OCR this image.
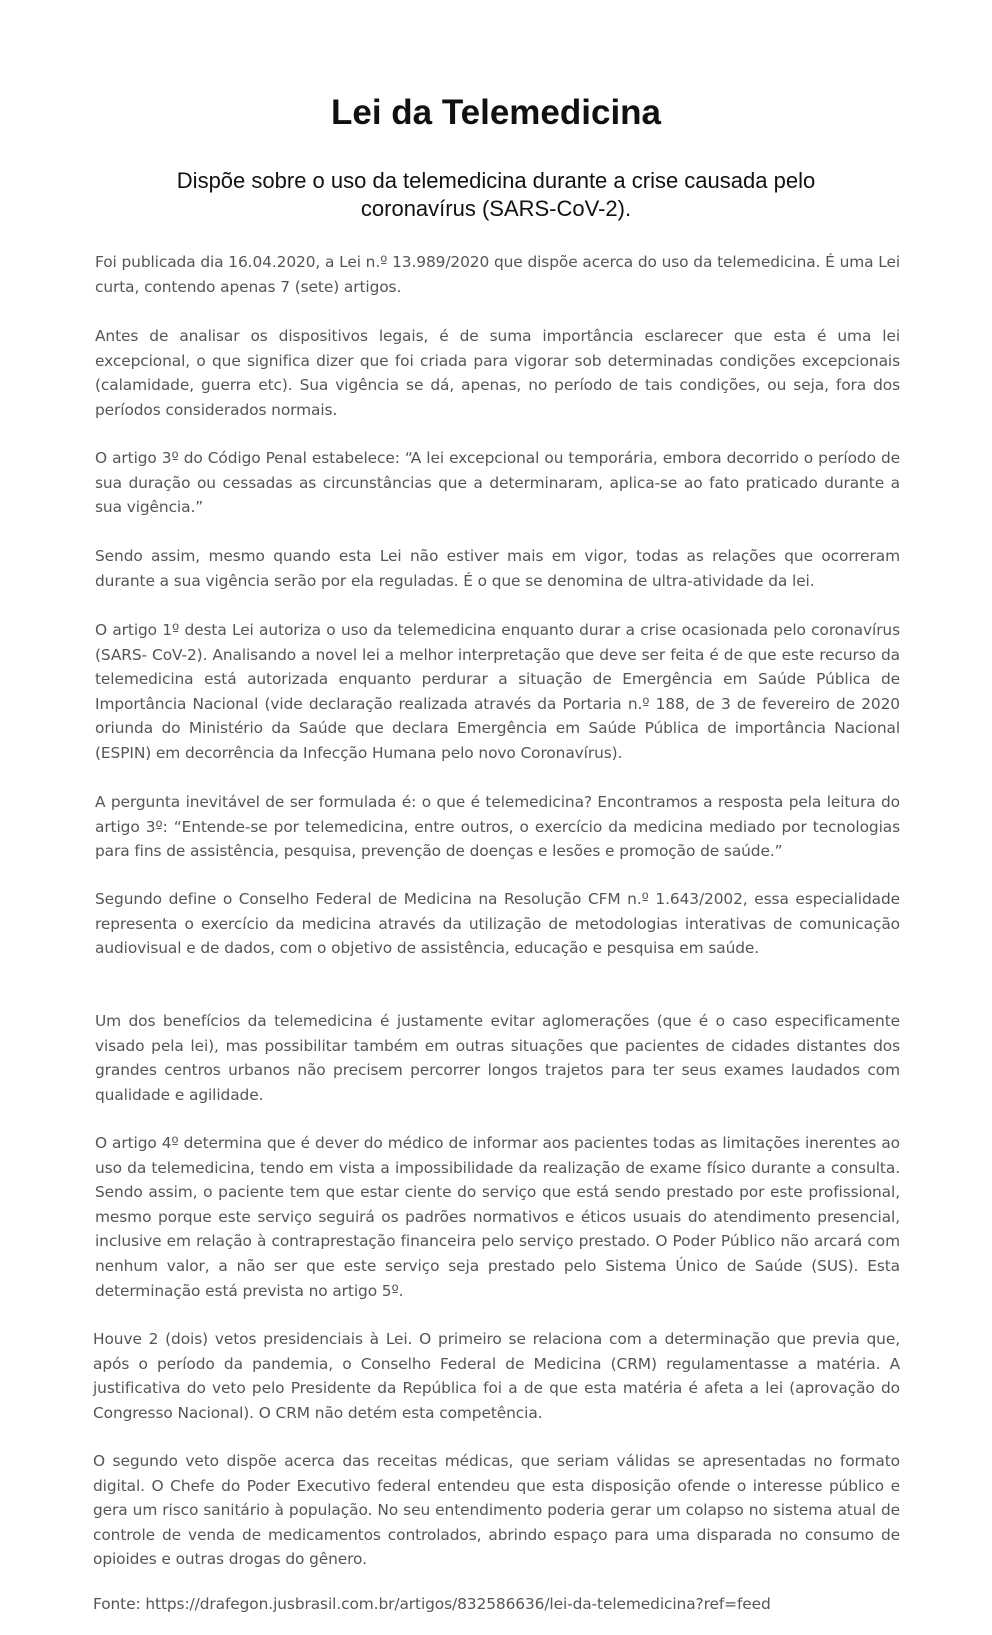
Lei da Telemedicina

Dispõe sobre o uso da telemedicina durante a crise causada pelo coronavírus (SARS-CoV-2).

Foi publicada dia 16.04.2020, a Lei n.º 13.989/2020 que dispõe acerca do uso da telemedicina. É uma Lei curta, contendo apenas 7 (sete) artigos.

Antes de analisar os dispositivos legais, é de suma importância esclarecer que esta é uma lei excepcional, o que significa dizer que foi criada para vigorar sob determinadas condições excepcionais (calamidade, guerra etc). Sua vigência se dá, apenas, no período de tais condições, ou seja, fora dos períodos considerados normais.

O artigo 3º do Código Penal estabelece: “A lei excepcional ou temporária, embora decorrido o período de sua duração ou cessadas as circunstâncias que a determinaram, aplica-se ao fato praticado durante a sua vigência.”

Sendo assim, mesmo quando esta Lei não estiver mais em vigor, todas as relações que ocorreram durante a sua vigência serão por ela reguladas. É o que se denomina de ultra-atividade da lei.

O artigo 1º desta Lei autoriza o uso da telemedicina enquanto durar a crise ocasionada pelo coronavírus (SARS- CoV-2). Analisando a novel lei a melhor interpretação que deve ser feita é de que este recurso da telemedicina está autorizada enquanto perdurar a situação de Emergência em Saúde Pública de Importância Nacional (vide declaração realizada através da Portaria n.º 188, de 3 de fevereiro de 2020 oriunda do Ministério da Saúde que declara Emergência em Saúde Pública de importância Nacional (ESPIN) em decorrência da Infecção Humana pelo novo Coronavírus).

A pergunta inevitável de ser formulada é: o que é telemedicina? Encontramos a resposta pela leitura do artigo 3º: “Entende-se por telemedicina, entre outros, o exercício da medicina mediado por tecnologias para fins de assistência, pesquisa, prevenção de doenças e lesões e promoção de saúde.”

Segundo define o Conselho Federal de Medicina na Resolução CFM n.º 1.643/2002, essa especialidade representa o exercício da medicina através da utilização de metodologias interativas de comunicação audiovisual e de dados, com o objetivo de assistência, educação e pesquisa em saúde.

Um dos benefícios da telemedicina é justamente evitar aglomerações (que é o caso especificamente visado pela lei), mas possibilitar também em outras situações que pacientes de cidades distantes dos grandes centros urbanos não precisem percorrer longos trajetos para ter seus exames laudados com qualidade e agilidade.

O artigo 4º determina que é dever do médico de informar aos pacientes todas as limitações inerentes ao uso da telemedicina, tendo em vista a impossibilidade da realização de exame físico durante a consulta. Sendo assim, o paciente tem que estar ciente do serviço que está sendo prestado por este profissional, mesmo porque este serviço seguirá os padrões normativos e éticos usuais do atendimento presencial, inclusive em relação à contraprestação financeira pelo serviço prestado. O Poder Público não arcará com nenhum valor, a não ser que este serviço seja prestado pelo Sistema Único de Saúde (SUS). Esta determinação está prevista no artigo 5º.

Houve 2 (dois) vetos presidenciais à Lei. O primeiro se relaciona com a determinação que previa que, após o período da pandemia, o Conselho Federal de Medicina (CRM) regulamentasse a matéria. A justificativa do veto pelo Presidente da República foi a de que esta matéria é afeta a lei (aprovação do Congresso Nacional). O CRM não detém esta competência.

O segundo veto dispõe acerca das receitas médicas, que seriam válidas se apresentadas no formato digital. O Chefe do Poder Executivo federal entendeu que esta disposição ofende o interesse público e gera um risco sanitário à população. No seu entendimento poderia gerar um colapso no sistema atual de controle de venda de medicamentos controlados, abrindo espaço para uma disparada no consumo de opioides e outras drogas do gênero.

Fonte: https://drafegon.jusbrasil.com.br/artigos/832586636/lei-da-telemedicina?ref=feed
